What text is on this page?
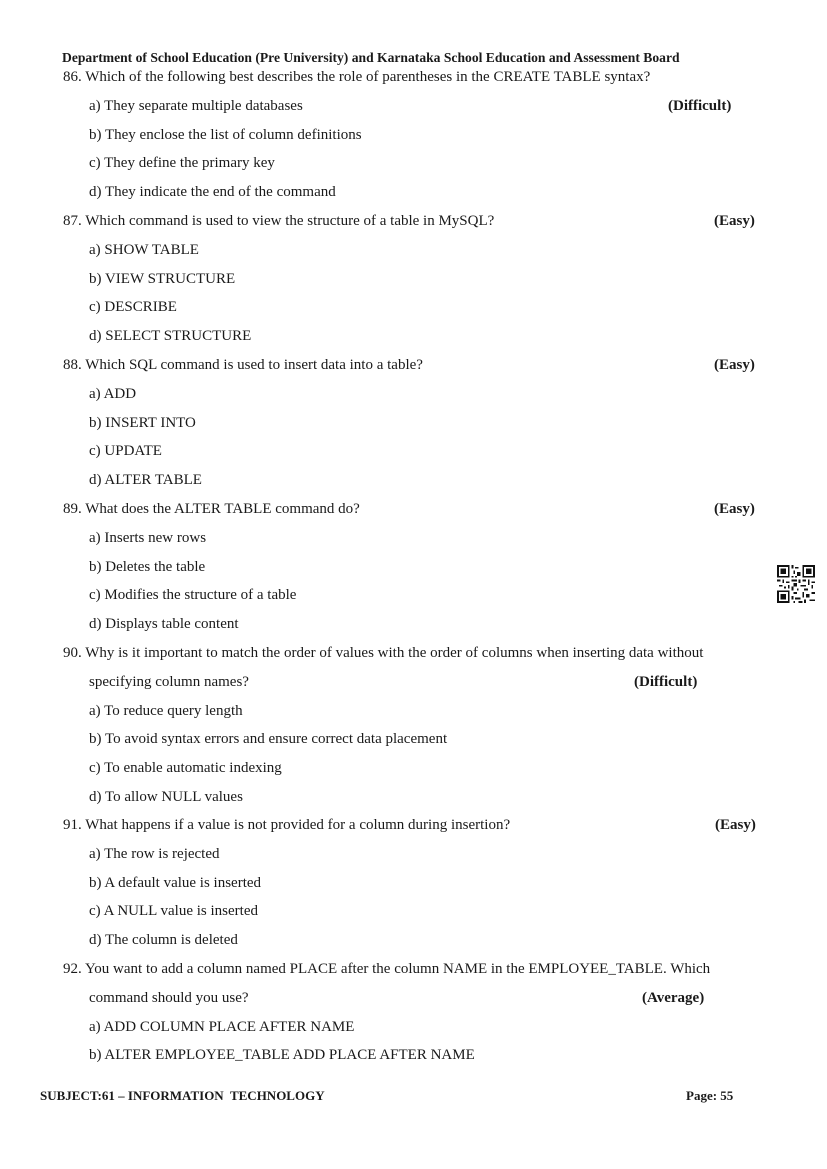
Department of School Education (Pre University) and Karnataka School Education and Assessment Board
86. Which of the following best describes the role of parentheses in the CREATE TABLE syntax?
a) They separate multiple databases	(Difficult)
b) They enclose the list of column definitions
c) They define the primary key
d) They indicate the end of the command
87. Which command is used to view the structure of a table in MySQL?	(Easy)
a) SHOW TABLE
b) VIEW STRUCTURE
c) DESCRIBE
d) SELECT STRUCTURE
88. Which SQL command is used to insert data into a table?	(Easy)
a) ADD
b) INSERT INTO
c) UPDATE
d) ALTER TABLE
89. What does the ALTER TABLE command do?	(Easy)
a) Inserts new rows
b) Deletes the table
c) Modifies the structure of a table
d) Displays table content
90. Why is it important to match the order of values with the order of columns when inserting data without
specifying column names?	(Difficult)
a) To reduce query length
b) To avoid syntax errors and ensure correct data placement
c) To enable automatic indexing
d) To allow NULL values
91. What happens if a value is not provided for a column during insertion?	(Easy)
a) The row is rejected
b) A default value is inserted
c) A NULL value is inserted
d) The column is deleted
92. You want to add a column named PLACE after the column NAME in the EMPLOYEE_TABLE. Which
command should you use?	(Average)
a) ADD COLUMN PLACE AFTER NAME
b) ALTER EMPLOYEE_TABLE ADD PLACE AFTER NAME
SUBJECT:61 – INFORMATION  TECHNOLOGY	Page: 55
